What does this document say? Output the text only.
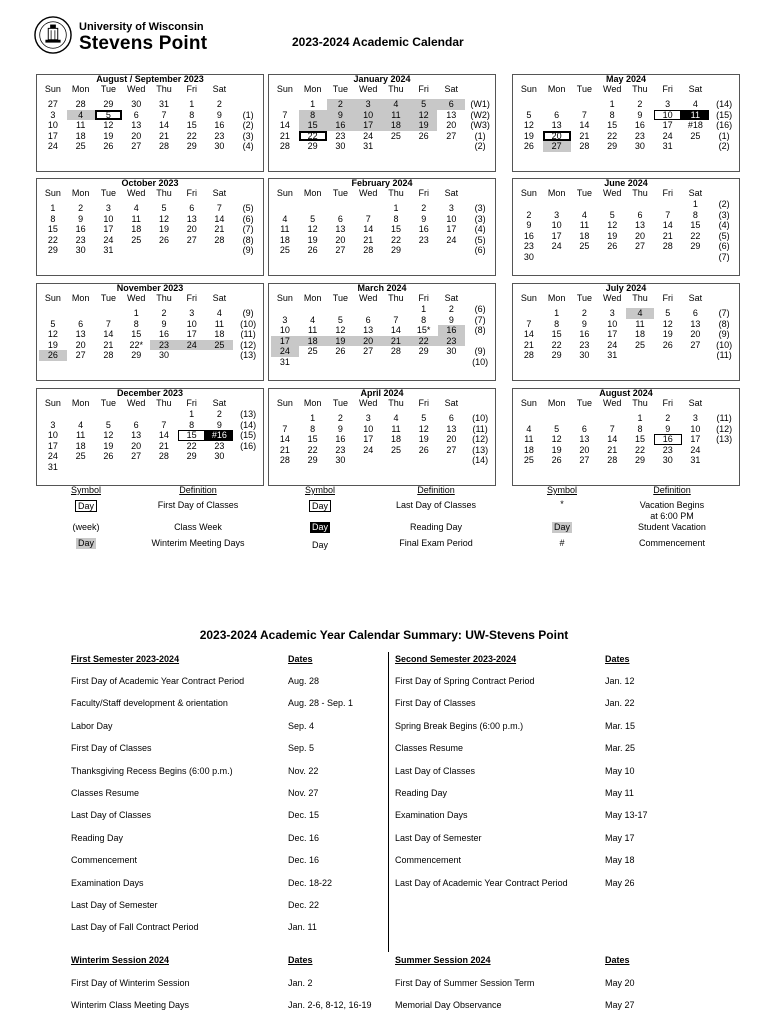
University of Wisconsin
Stevens Point	2023-2024 Academic Calendar
August / September 2023
Sun	Mon	Tue	Wed	Thu	Fri	Sat	

27	28	29	30	31	1	2	
3	4	5	6	7	8	9	(1)
10	11	12	13	14	15	16	(2)
17	18	19	20	21	22	23	(3)
24	25	26	27	28	29	30	(4)
January 2024
Sun	Mon	Tue	Wed	Thu	Fri	Sat	

	1	2	3	4	5	6	(W1)
7	8	9	10	11	12	13	(W2)
14	15	16	17	18	19	20	(W3)
21	22	23	24	25	26	27	(1)
28	29	30	31				(2)
May 2024
Sun	Mon	Tue	Wed	Thu	Fri	Sat	

			1	2	3	4	(14)
5	6	7	8	9	10	11	(15)
12	13	14	15	16	17	#18	(16)
19	20	21	22	23	24	25	(1)
26	27	28	29	30	31		(2)
October 2023
Sun	Mon	Tue	Wed	Thu	Fri	Sat	

1	2	3	4	5	6	7	(5)
8	9	10	11	12	13	14	(6)
15	16	17	18	19	20	21	(7)
22	23	24	25	26	27	28	(8)
29	30	31					(9)
February 2024
Sun	Mon	Tue	Wed	Thu	Fri	Sat	

				1	2	3	(3)
4	5	6	7	8	9	10	(3)
11	12	13	14	15	16	17	(4)
18	19	20	21	22	23	24	(5)
25	26	27	28	29			(6)
June 2024
Sun	Mon	Tue	Wed	Thu	Fri	Sat	
						1	(2)
2	3	4	5	6	7	8	(3)
9	10	11	12	13	14	15	(4)
16	17	18	19	20	21	22	(5)
23	24	25	26	27	28	29	(6)
30							(7)
November 2023
Sun	Mon	Tue	Wed	Thu	Fri	Sat	

			1	2	3	4	(9)
5	6	7	8	9	10	11	(10)
12	13	14	15	16	17	18	(11)
19	20	21	22*	23	24	25	(12)
26	27	28	29	30			(13)
March 2024
Sun	Mon	Tue	Wed	Thu	Fri	Sat	
					1	2	(6)
3	4	5	6	7	8	9	(7)
10	11	12	13	14	15*	16	(8)
17	18	19	20	21	22	23	
24	25	26	27	28	29	30	(9)
31							(10)
July 2024
Sun	Mon	Tue	Wed	Thu	Fri	Sat	

	1	2	3	4	5	6	(7)
7	8	9	10	11	12	13	(8)
14	15	16	17	18	19	20	(9)
21	22	23	24	25	26	27	(10)
28	29	30	31				(11)
December 2023
Sun	Mon	Tue	Wed	Thu	Fri	Sat	
					1	2	(13)
3	4	5	6	7	8	9	(14)
10	11	12	13	14	15	#16	(15)
17	18	19	20	21	22	23	(16)
24	25	26	27	28	29	30	
31							
April 2024
Sun	Mon	Tue	Wed	Thu	Fri	Sat	

	1	2	3	4	5	6	(10)
7	8	9	10	11	12	13	(11)
14	15	16	17	18	19	20	(12)
21	22	23	24	25	26	27	(13)
28	29	30					(14)
August 2024
Sun	Mon	Tue	Wed	Thu	Fri	Sat	

				1	2	3	(11)
4	5	6	7	8	9	10	(12)
11	12	13	14	15	16	17	(13)
18	19	20	21	22	23	24	
25	26	27	28	29	30	31	
Symbol	Definition
Day	First Day of Classes
(week)	Class Week
Day	Winterim Meeting Days
Symbol	Definition
Day	Last Day of Classes
Day	Reading Day
Day	Final Exam Period
Symbol	Definition
*	Vacation Begins
at 6:00 PM
Day	Student Vacation
#	Commencement
2023-2024 Academic Year Calendar Summary: UW-Stevens Point
First Semester 2023-2024	Dates	Second Semester 2023-2024	Dates
First Day of Academic Year Contract Period	Aug. 28
Faculty/Staff development & orientation	Aug. 28 - Sep. 1
Labor Day	Sep. 4
First Day of Classes	Sep. 5
Thanksgiving Recess Begins (6:00 p.m.)	Nov. 22
Classes Resume	Nov. 27
Last Day of Classes	Dec. 15
Reading Day	Dec. 16
Commencement	Dec. 16
Examination Days	Dec. 18-22
Last Day of Semester	Dec. 22
Last Day of Fall Contract Period	Jan. 11
First Day of Spring Contract Period	Jan. 12
First Day of Classes	Jan. 22
Spring Break Begins (6:00 p.m.)	Mar. 15
Classes Resume	Mar. 25
Last Day of Classes	May 10
Reading Day	May 11
Examination Days	May 13-17
Last Day of Semester	May 17
Commencement	May 18
Last Day of Academic Year Contract Period	May 26
First Day of Winterim Session	Jan. 2
Winterim Class Meeting Days	Jan. 2-6, 8-12, 16-19
First Day of Summer Session Term	May 20
Memorial Day Observance	May 27
Winterim Session 2024	Dates	Summer Session 2024	Dates
